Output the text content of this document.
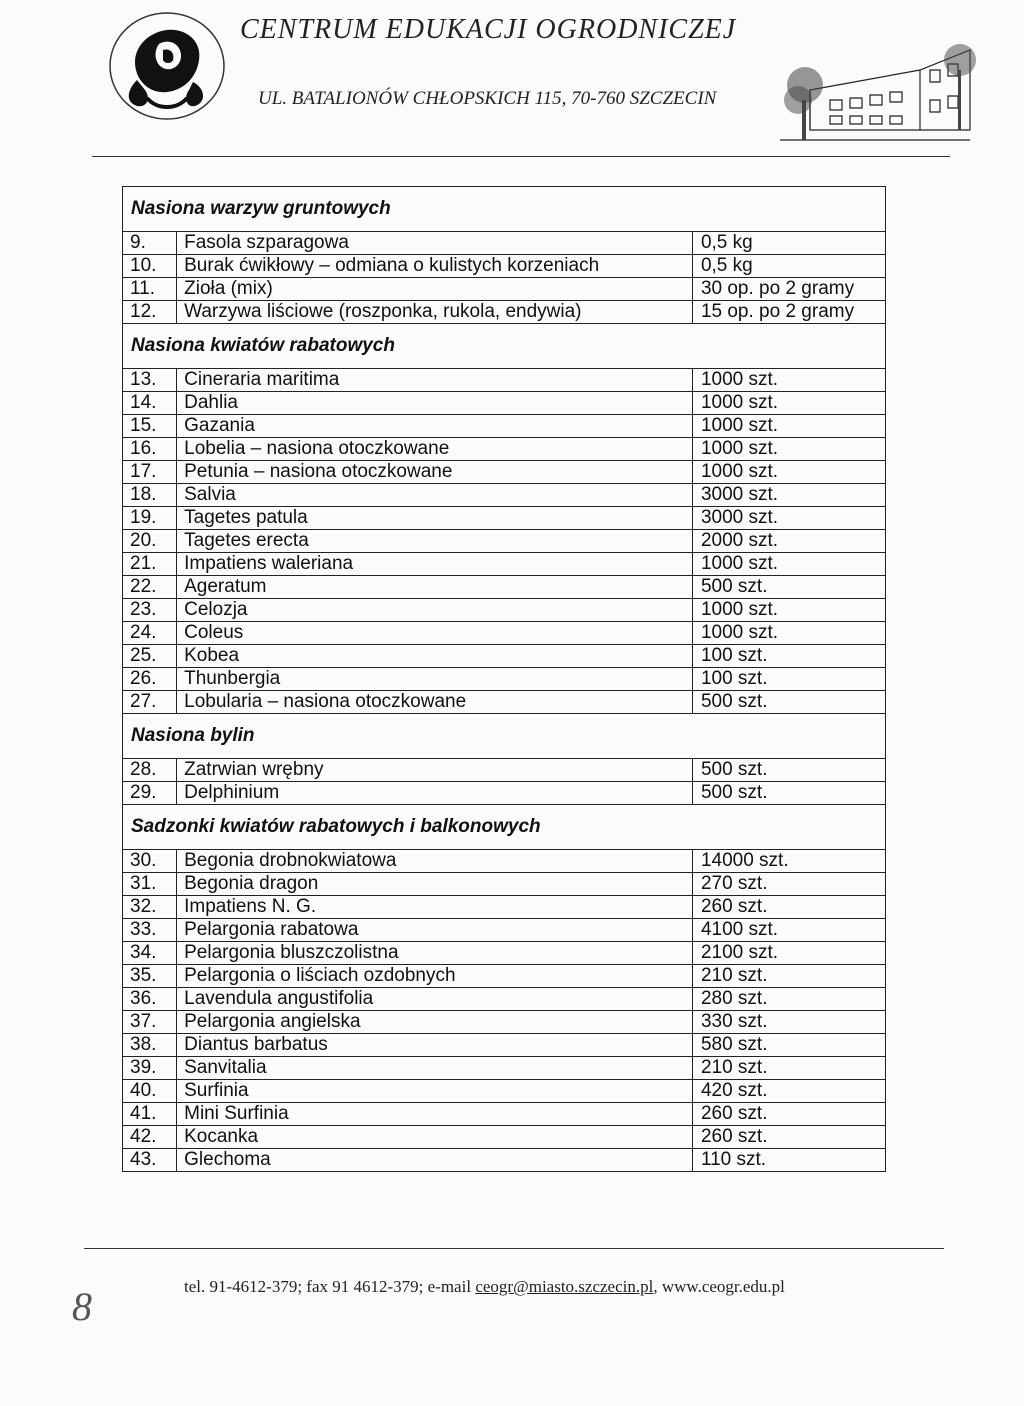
CENTRUM EDUKACJI OGRODNICZEJ
UL. BATALIONÓW CHŁOPSKICH 115, 70-760 SZCZECIN
Nasiona warzyw gruntowych		
9.	Fasola szparagowa	0,5 kg
10.	Burak ćwikłowy – odmiana o kulistych korzeniach	0,5 kg
11.	Zioła (mix)	30 op. po 2 gramy
12.	Warzywa liściowe (roszponka, rukola, endywia)	15 op. po 2 gramy
Nasiona kwiatów rabatowych		
13.	Cineraria maritima	1000 szt.
14.	Dahlia	1000 szt.
15.	Gazania	1000 szt.
16.	Lobelia – nasiona otoczkowane	1000 szt.
17.	Petunia – nasiona otoczkowane	1000 szt.
18.	Salvia	3000 szt.
19.	Tagetes patula	3000 szt.
20.	Tagetes erecta	2000 szt.
21.	Impatiens waleriana	1000 szt.
22.	Ageratum	500 szt.
23.	Celozja	1000 szt.
24.	Coleus	1000 szt.
25.	Kobea	100 szt.
26.	Thunbergia	100 szt.
27.	Lobularia – nasiona otoczkowane	500 szt.
Nasiona bylin		
28.	Zatrwian wrębny	500 szt.
29.	Delphinium	500 szt.
Sadzonki kwiatów rabatowych i balkonowych		
30.	Begonia drobnokwiatowa	14000 szt.
31.	Begonia dragon	270 szt.
32.	Impatiens N. G.	260 szt.
33.	Pelargonia rabatowa	4100 szt.
34.	Pelargonia bluszczolistna	2100 szt.
35.	Pelargonia o liściach ozdobnych	210 szt.
36.	Lavendula angustifolia	280 szt.
37.	Pelargonia angielska	330 szt.
38.	Diantus barbatus	580 szt.
39.	Sanvitalia	210 szt.
40.	Surfinia	420 szt.
41.	Mini Surfinia	260 szt.
42.	Kocanka	260 szt.
43.	Glechoma	110 szt.
8	tel. 91-4612-379; fax 91 4612-379; e-mail ceogr@miasto.szczecin.pl, www.ceogr.edu.pl
